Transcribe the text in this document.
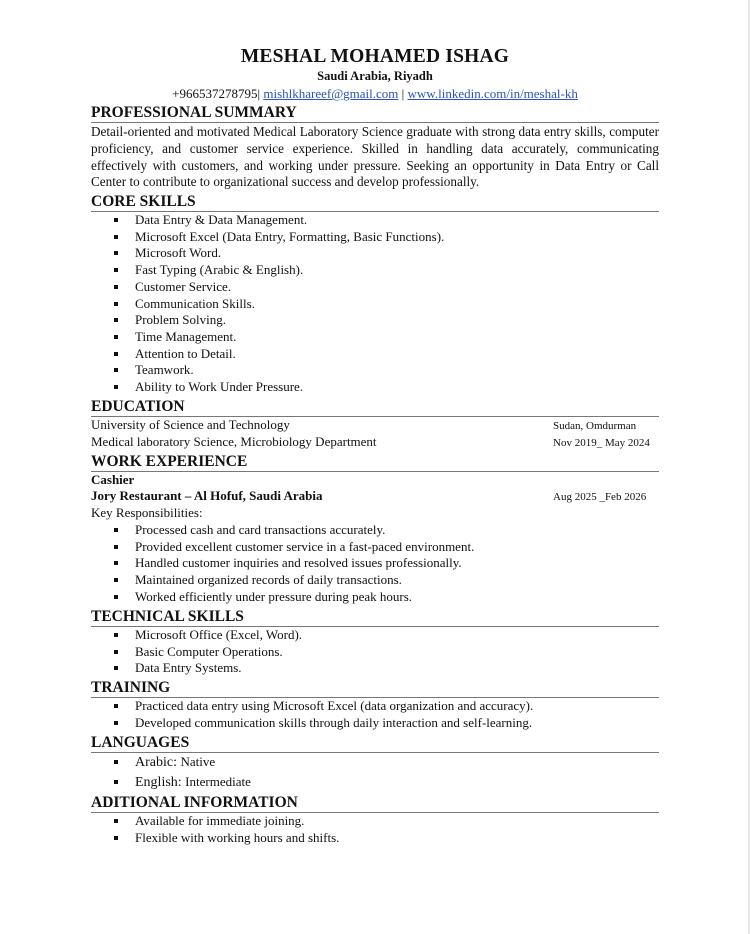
MESHAL MOHAMED ISHAG
Saudi Arabia, Riyadh
+966537278795| mishlkhareef@gmail.com | www.linkedin.com/in/meshal-kh
PROFESSIONAL SUMMARY
Detail-oriented and motivated Medical Laboratory Science graduate with strong data entry skills, computer proficiency, and customer service experience. Skilled in handling data accurately, communicating effectively with customers, and working under pressure. Seeking an opportunity in Data Entry or Call Center to contribute to organizational success and develop professionally.
CORE SKILLS
Data Entry & Data Management.
Microsoft Excel (Data Entry, Formatting, Basic Functions).
Microsoft Word.
Fast Typing (Arabic & English).
Customer Service.
Communication Skills.
Problem Solving.
Time Management.
Attention to Detail.
Teamwork.
Ability to Work Under Pressure.
EDUCATION
University of Science and Technology	Sudan, Omdurman
Medical laboratory Science, Microbiology Department	Nov 2019_ May 2024
WORK EXPERIENCE
Cashier
Jory Restaurant – Al Hofuf, Saudi Arabia	Aug 2025 _Feb 2026
Key Responsibilities:
Processed cash and card transactions accurately.
Provided excellent customer service in a fast-paced environment.
Handled customer inquiries and resolved issues professionally.
Maintained organized records of daily transactions.
Worked efficiently under pressure during peak hours.
TECHNICAL SKILLS
Microsoft Office (Excel, Word).
Basic Computer Operations.
Data Entry Systems.
TRAINING
Practiced data entry using Microsoft Excel (data organization and accuracy).
Developed communication skills through daily interaction and self-learning.
LANGUAGES
Arabic: Native
English: Intermediate
ADITIONAL INFORMATION
Available for immediate joining.
Flexible with working hours and shifts.
